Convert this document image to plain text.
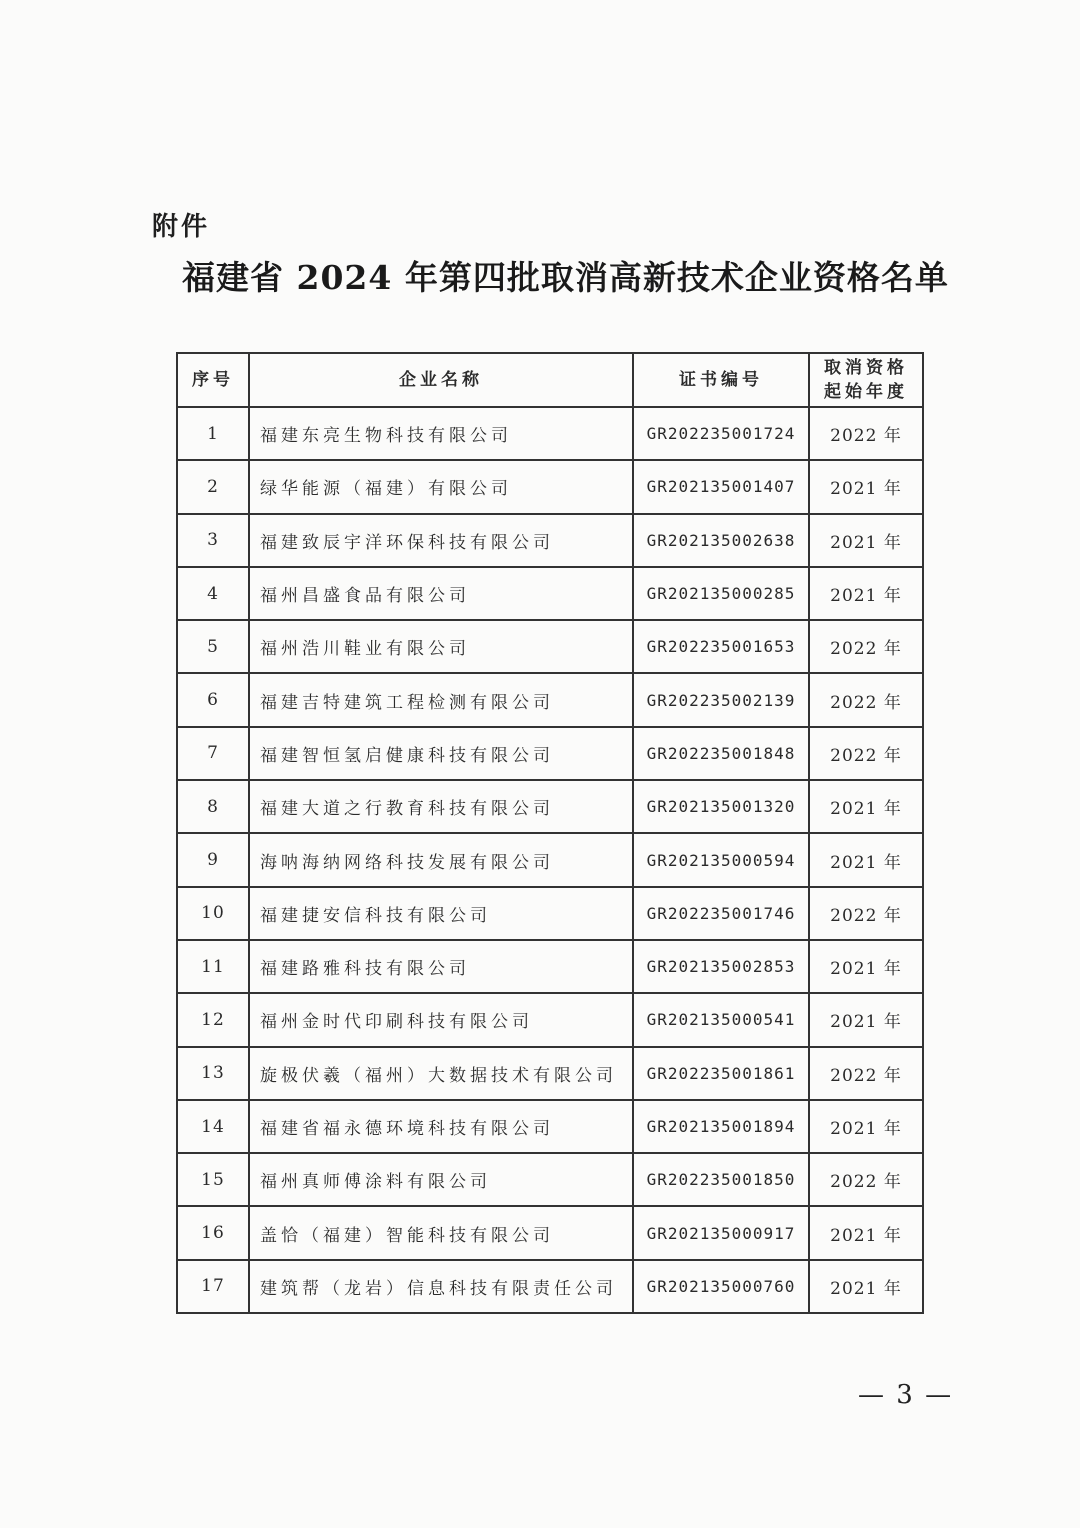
附件
福建省 2024 年第四批取消高新技术企业资格名单
序号	企业名称	证书编号	取消资格
起始年度

1	福建东亮生物科技有限公司	GR202235001724	2022 年
2	绿华能源（福建）有限公司	GR202135001407	2021 年
3	福建致辰宇洋环保科技有限公司	GR202135002638	2021 年
4	福州昌盛食品有限公司	GR202135000285	2021 年
5	福州浩川鞋业有限公司	GR202235001653	2022 年
6	福建吉特建筑工程检测有限公司	GR202235002139	2022 年
7	福建智恒氢启健康科技有限公司	GR202235001848	2022 年
8	福建大道之行教育科技有限公司	GR202135001320	2021 年
9	海呐海纳网络科技发展有限公司	GR202135000594	2021 年
10	福建捷安信科技有限公司	GR202235001746	2022 年
11	福建路雅科技有限公司	GR202135002853	2021 年
12	福州金时代印刷科技有限公司	GR202135000541	2021 年
13	旋极伏羲（福州）大数据技术有限公司	GR202235001861	2022 年
14	福建省福永德环境科技有限公司	GR202135001894	2021 年
15	福州真师傅涂料有限公司	GR202235001850	2022 年
16	盖恰（福建）智能科技有限公司	GR202135000917	2021 年
17	建筑帮（龙岩）信息科技有限责任公司	GR202135000760	2021 年
— 3 —
